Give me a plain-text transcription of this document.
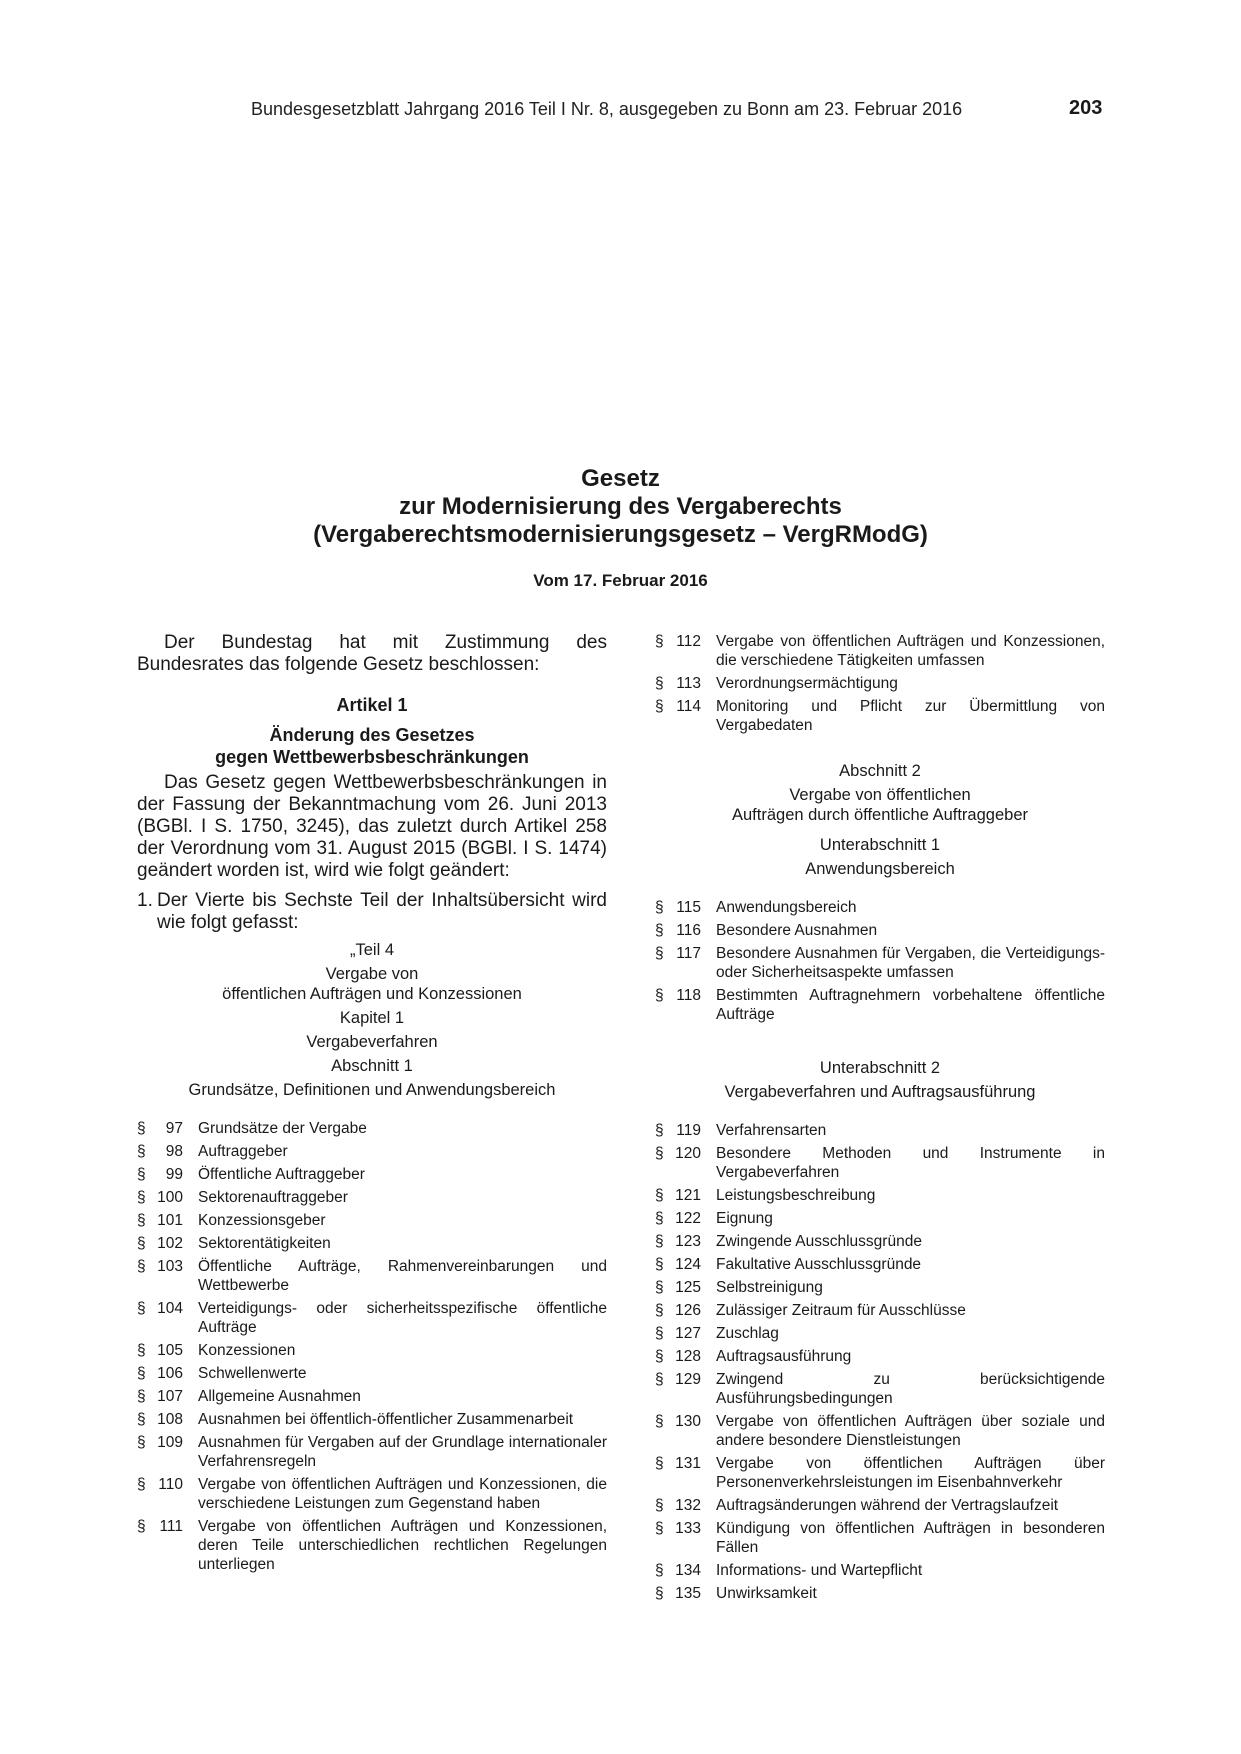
Bundesgesetzblatt Jahrgang 2016 Teil I Nr. 8, ausgegeben zu Bonn am 23. Februar 2016	203
Gesetz
zur Modernisierung des Vergaberechts
(Vergaberechtsmodernisierungsgesetz – VergRModG)
Vom 17. Februar 2016

Der Bundestag hat mit Zustimmung des Bundesrates das folgende Gesetz beschlossen:

Artikel 1
Änderung des Gesetzes
gegen Wettbewerbsbeschränkungen

Das Gesetz gegen Wettbewerbsbeschränkungen in der Fassung der Bekanntmachung vom 26. Juni 2013 (BGBl. I S. 1750, 3245), das zuletzt durch Artikel 258 der Verordnung vom 31. August 2015 (BGBl. I S. 1474) geändert worden ist, wird wie folgt geändert:

1. Der Vierte bis Sechste Teil der Inhaltsübersicht wird wie folgt gefasst:
„Teil 4
Vergabe von
öffentlichen Aufträgen und Konzessionen
Kapitel 1
Vergabeverfahren
Abschnitt 1
Grundsätze, Definitionen und Anwendungsbereich
§	97 Grundsätze der Vergabe
§	98 Auftraggeber
§	99 Öffentliche Auftraggeber
§ 100 Sektorenauftraggeber
§ 101 Konzessionsgeber
§ 102 Sektorentätigkeiten
§ 103 Öffentliche Aufträge, Rahmenvereinbarungen und Wettbewerbe
§ 104 Verteidigungs- oder sicherheitsspezifische öffentliche Aufträge
§ 105 Konzessionen
§ 106 Schwellenwerte
§ 107 Allgemeine Ausnahmen
§ 108 Ausnahmen bei öffentlich-öffentlicher Zusammenarbeit
§ 109 Ausnahmen für Vergaben auf der Grundlage internationaler Verfahrensregeln
§ 110 Vergabe von öffentlichen Aufträgen und Konzessionen, die verschiedene Leistungen zum Gegenstand haben
§ 111 Vergabe von öffentlichen Aufträgen und Konzessionen, deren Teile unterschiedlichen rechtlichen Regelungen unterliegen
§ 112 Vergabe von öffentlichen Aufträgen und Konzessionen, die verschiedene Tätigkeiten umfassen
§ 113 Verordnungsermächtigung
§ 114 Monitoring und Pflicht zur Übermittlung von Vergabedaten
Abschnitt 2
Vergabe von öffentlichen
Aufträgen durch öffentliche Auftraggeber
Unterabschnitt 1
Anwendungsbereich
§ 115 Anwendungsbereich
§ 116 Besondere Ausnahmen
§ 117 Besondere Ausnahmen für Vergaben, die Verteidigungs- oder Sicherheitsaspekte umfassen
§ 118 Bestimmten Auftragnehmern vorbehaltene öffentliche Aufträge
Unterabschnitt 2
Vergabeverfahren und Auftragsausführung
§ 119 Verfahrensarten
§ 120 Besondere Methoden und Instrumente in Vergabeverfahren
§ 121 Leistungsbeschreibung
§ 122 Eignung
§ 123 Zwingende Ausschlussgründe
§ 124 Fakultative Ausschlussgründe
§ 125 Selbstreinigung
§ 126 Zulässiger Zeitraum für Ausschlüsse
§ 127 Zuschlag
§ 128 Auftragsausführung
§ 129 Zwingend zu berücksichtigende Ausführungsbedingungen
§ 130 Vergabe von öffentlichen Aufträgen über soziale und andere besondere Dienstleistungen
§ 131 Vergabe von öffentlichen Aufträgen über Personenverkehrsleistungen im Eisenbahnverkehr
§ 132 Auftragsänderungen während der Vertragslaufzeit
§ 133 Kündigung von öffentlichen Aufträgen in besonderen Fällen
§ 134 Informations- und Wartepflicht
§ 135 Unwirksamkeit
